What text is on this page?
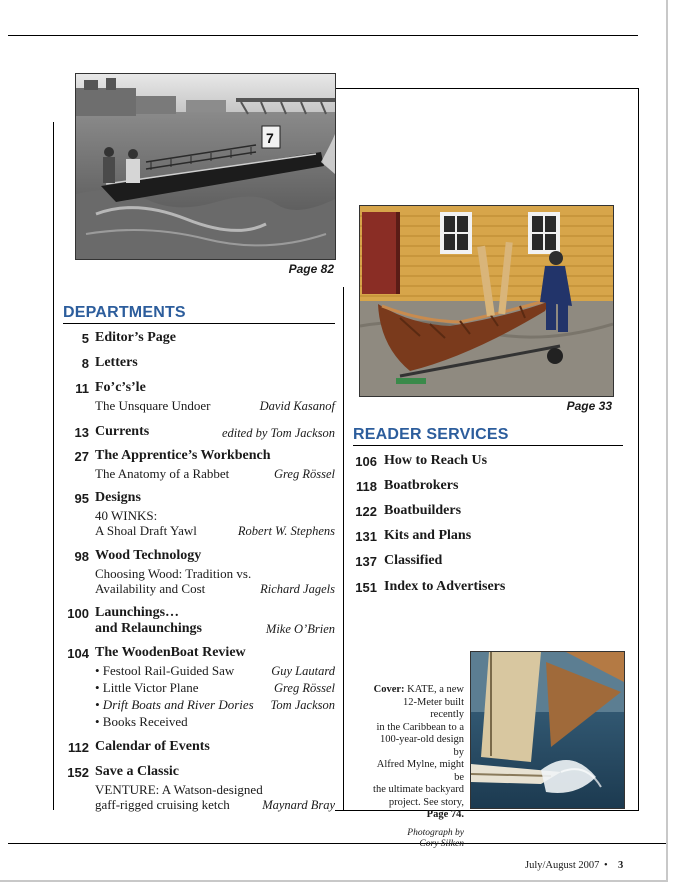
7
Page 82
Page 33
DEPARTMENTS
5 Editor’s Page
8 Letters
11 Fo’c’s’le
The Unsquare Undoer	David Kasanof
13 Currents	edited by Tom Jackson
27 The Apprentice’s Workbench
The Anatomy of a Rabbet	Greg Rössel
95 Designs
40 WINKS:
A Shoal Draft Yawl	Robert W. Stephens
98 Wood Technology
Choosing Wood: Tradition vs.
Availability and Cost	Richard Jagels
100 Launchings…
and Relaunchings	Mike O’Brien
104 The WoodenBoat Review
• Festool Rail-Guided Saw	Guy Lautard
• Little Victor Plane	Greg Rössel
• Drift Boats and River Dories	Tom Jackson
• Books Received
112 Calendar of Events
152 Save a Classic
VENTURE: A Watson-designed
gaff-rigged cruising ketch	Maynard Bray
READER SERVICES
106 How to Reach Us
118 Boatbrokers
122 Boatbuilders
131 Kits and Plans
137 Classified
151 Index to Advertisers
Cover: KATE, a new
12-Meter built recently
in the Caribbean to a
100-year-old design by
Alfred Mylne, might be
the ultimate backyard
project. See story,
Page 74.
Photograph by
Cory Silken
July/August 2007 • 3
